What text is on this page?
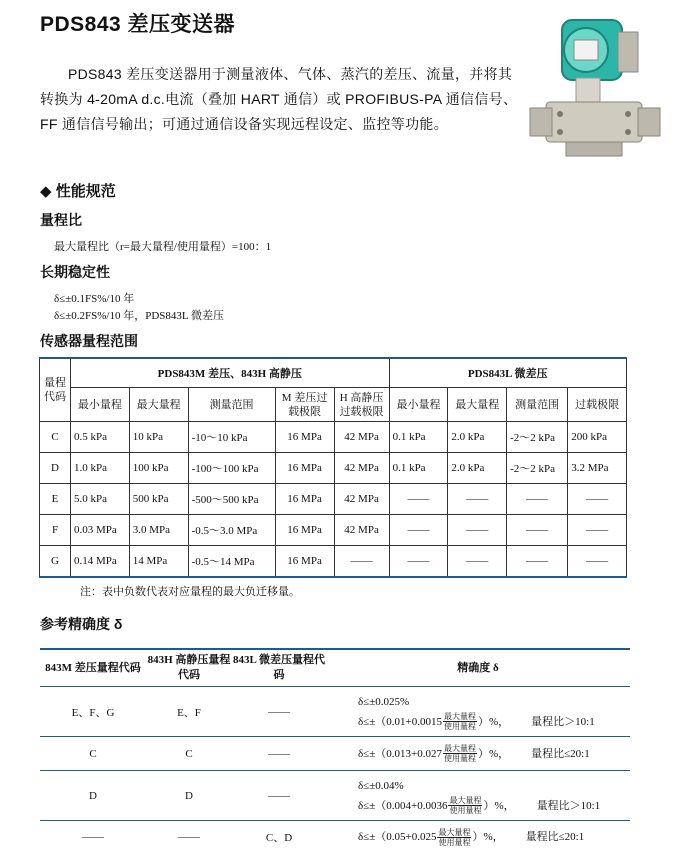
PDS843 差压变送器
PDS843 差压变送器用于测量液体、气体、蒸汽的差压、流量，并将其转换为 4-20mA d.c.电流（叠加 HART 通信）或 PROFIBUS-PA 通信信号、FF 通信信号输出；可通过通信设备实现远程设定、监控等功能。
◆ 性能规范
量程比
最大量程比（r=最大量程/使用量程）=100：1
长期稳定性
δ≤±0.1FS%/10 年
δ≤±0.2FS%/10 年，PDS843L 微差压
传感器量程范围
量程代码	PDS843M 差压、843H 高静压					PDS843L 微差压			
	最小量程	最大量程	测量范围	M 差压过载极限	H 高静压过载极限	最小量程	最大量程	测量范围	过载极限
C	0.5 kPa	10 kPa	-10～10 kPa	16 MPa	42 MPa	0.1 kPa	2.0 kPa	-2～2 kPa	200 kPa
D	1.0 kPa	100 kPa	-100～100 kPa	16 MPa	42 MPa	0.1 kPa	2.0 kPa	-2～2 kPa	3.2 MPa
E	5.0 kPa	500 kPa	-500～500 kPa	16 MPa	42 MPa	——	——	——	——
F	0.03 MPa	3.0 MPa	-0.5～3.0 MPa	16 MPa	42 MPa	——	——	——	——
G	0.14 MPa	14 MPa	-0.5～14 MPa	16 MPa	——	——	——	——	——
注：表中负数代表对应量程的最大负迁移量。
参考精确度 δ
843M 差压量程代码	843H 高静压量程代码	843L 微差压量程代码	精确度 δ
E、F、G	E、F	——	δ≤±0.025%
$\delta\le\pm(0.01+0.0015 \frac{\text{最大量程}}{\text{使用量程}}$ ）%， 量程比＞10:1

C	C	——	$\delta\le\pm(0.013+0.027 \frac{\text{最大量程}}{\text{使用量程}}$ ）%， 量程比≤20:1

D	D	——	δ≤±0.04%
$\delta\le\pm(0.004+0.0036 \frac{\text{最大量程}}{\text{使用量程}}$ ）%， 量程比＞10:1

——	——	C、D	$\delta\le\pm(0.05+0.025 \frac{\text{最大量程}}{\text{使用量程}}$ ）%， 量程比≤20:1
